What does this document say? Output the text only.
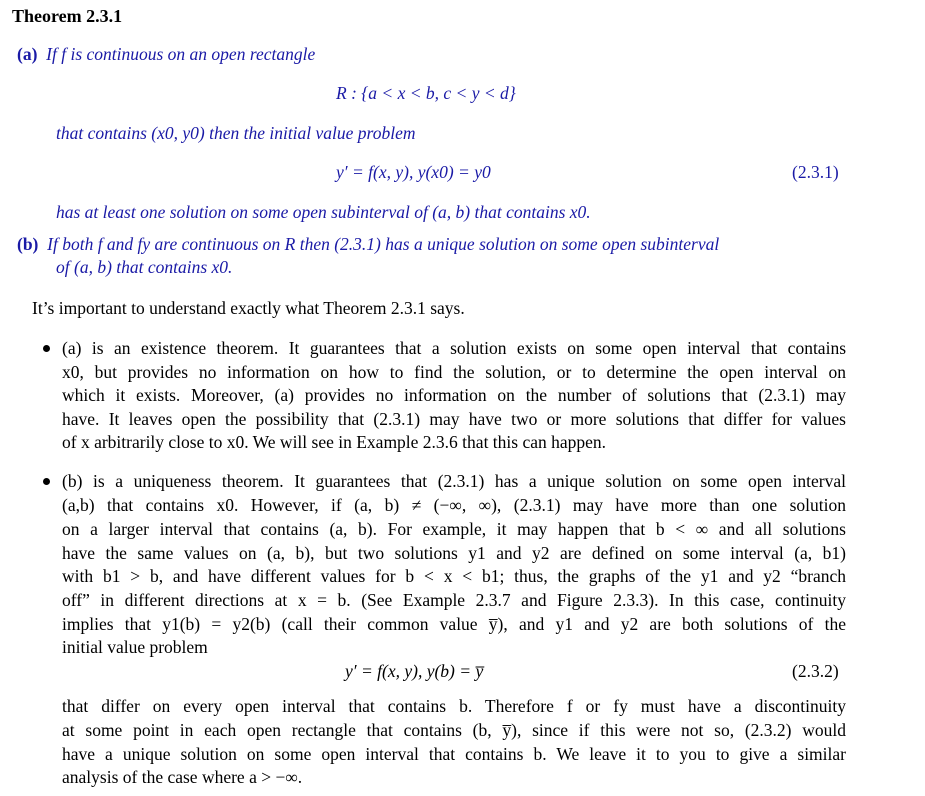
Theorem 2.3.1
(a) If f is continuous on an open rectangle
R : {a < x < b, c < y < d}
that contains (x0, y0) then the initial value problem
y′ = f(x, y), y(x0) = y0	(2.3.1)
has at least one solution on some open subinterval of (a, b) that contains x0.
(b) If both f and fy are continuous on R then (2.3.1) has a unique solution on some open subinterval
of (a, b) that contains x0.
It’s important to understand exactly what Theorem 2.3.1 says.
(a) is an existence theorem. It guarantees that a solution exists on some open interval that contains
x0, but provides no information on how to find the solution, or to determine the open interval on
which it exists. Moreover, (a) provides no information on the number of solutions that (2.3.1) may
have. It leaves open the possibility that (2.3.1) may have two or more solutions that differ for values
of x arbitrarily close to x0. We will see in Example 2.3.6 that this can happen.
(b) is a uniqueness theorem. It guarantees that (2.3.1) has a unique solution on some open interval
(a,b) that contains x0. However, if (a, b) ≠ (−∞, ∞), (2.3.1) may have more than one solution
on a larger interval that contains (a, b). For example, it may happen that b < ∞ and all solutions
have the same values on (a, b), but two solutions y1 and y2 are defined on some interval (a, b1)
with b1 > b, and have different values for b < x < b1; thus, the graphs of the y1 and y2 “branch
off” in different directions at x = b. (See Example 2.3.7 and Figure 2.3.3). In this case, continuity
implies that y1(b) = y2(b) (call their common value y̅), and y1 and y2 are both solutions of the
initial value problem
y′ = f(x, y), y(b) = y̅	(2.3.2)
that differ on every open interval that contains b. Therefore f or fy must have a discontinuity
at some point in each open rectangle that contains (b, y̅), since if this were not so, (2.3.2) would
have a unique solution on some open interval that contains b. We leave it to you to give a similar
analysis of the case where a > −∞.
